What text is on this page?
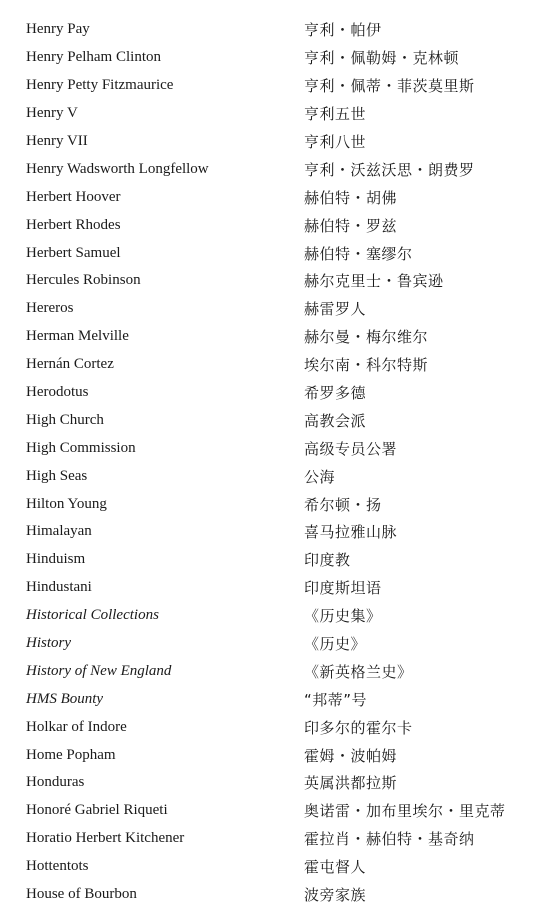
Henry Pay	亨利・帕伊
Henry Pelham Clinton	亨利・佩勒姆・克林顿
Henry Petty Fitzmaurice	亨利・佩蒂・菲茨莫里斯
Henry V	亨利五世
Henry VII	亨利八世
Henry Wadsworth Longfellow	亨利・沃兹沃思・朗费罗
Herbert Hoover	赫伯特・胡佛
Herbert Rhodes	赫伯特・罗兹
Herbert Samuel	赫伯特・塞缪尔
Hercules Robinson	赫尔克里士・鲁宾逊
Hereros	赫雷罗人
Herman Melville	赫尔曼・梅尔维尔
Hernán Cortez	埃尔南・科尔特斯
Herodotus	希罗多德
High Church	高教会派
High Commission	高级专员公署
High Seas	公海
Hilton Young	希尔顿・扬
Himalayan	喜马拉雅山脉
Hinduism	印度教
Hindustani	印度斯坦语
Historical Collections	《历史集》
History	《历史》
History of New England	《新英格兰史》
HMS Bounty	“邦蒂”号
Holkar of Indore	印多尔的霍尔卡
Home Popham	霍姆・波帕姆
Honduras	英属洪都拉斯
Honoré Gabriel Riqueti	奥诺雷・加布里埃尔・里克蒂
Horatio Herbert Kitchener	霍拉肖・赫伯特・基奇纳
Hottentots	霍屯督人
House of Bourbon	波旁家族
